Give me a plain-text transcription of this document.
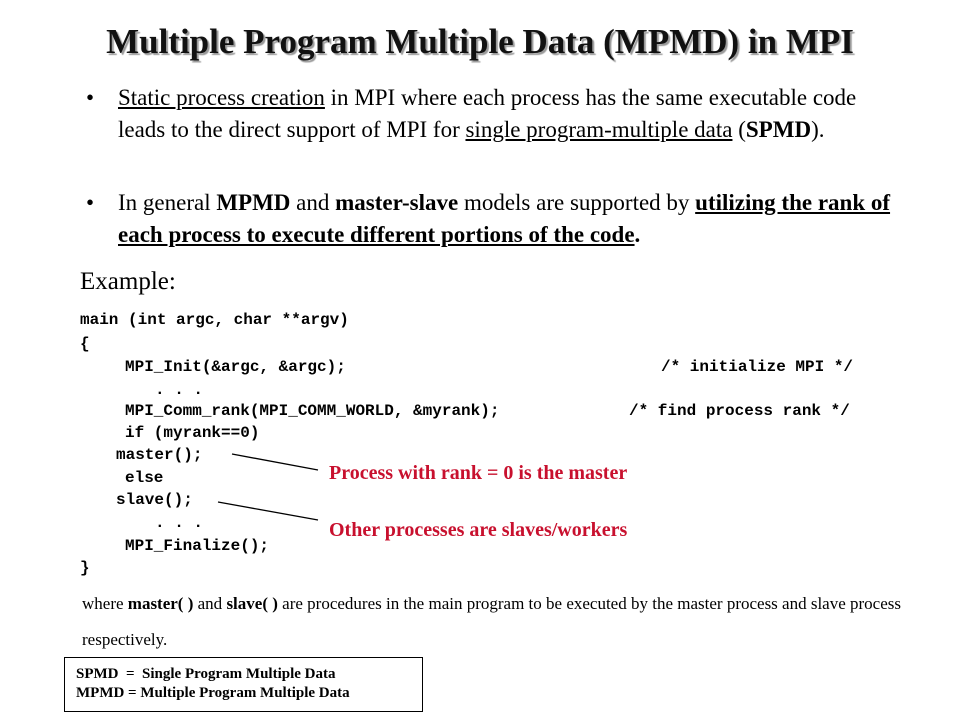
Multiple Program Multiple Data (MPMD) in MPI
• Static process creation in MPI where each process has the same executable code leads to the direct support of MPI for single program-multiple data (SPMD).
• In general MPMD and master-slave models are supported by utilizing the rank of each process to execute different portions of the code.
Example:
main (int argc, char **argv)
{
MPI_Init(&argc, &argc);	/* initialize MPI */
. . .
MPI_Comm_rank(MPI_COMM_WORLD, &myrank);	/* find process rank */
if (myrank==0)
master();
else
slave();
. . .
MPI_Finalize();
}
Process with rank = 0 is the master
Other processes are slaves/workers
where master( ) and slave( ) are procedures in the main program to be executed by the master process and slave process respectively.
SPMD  =  Single Program Multiple Data
MPMD = Multiple Program Multiple Data
